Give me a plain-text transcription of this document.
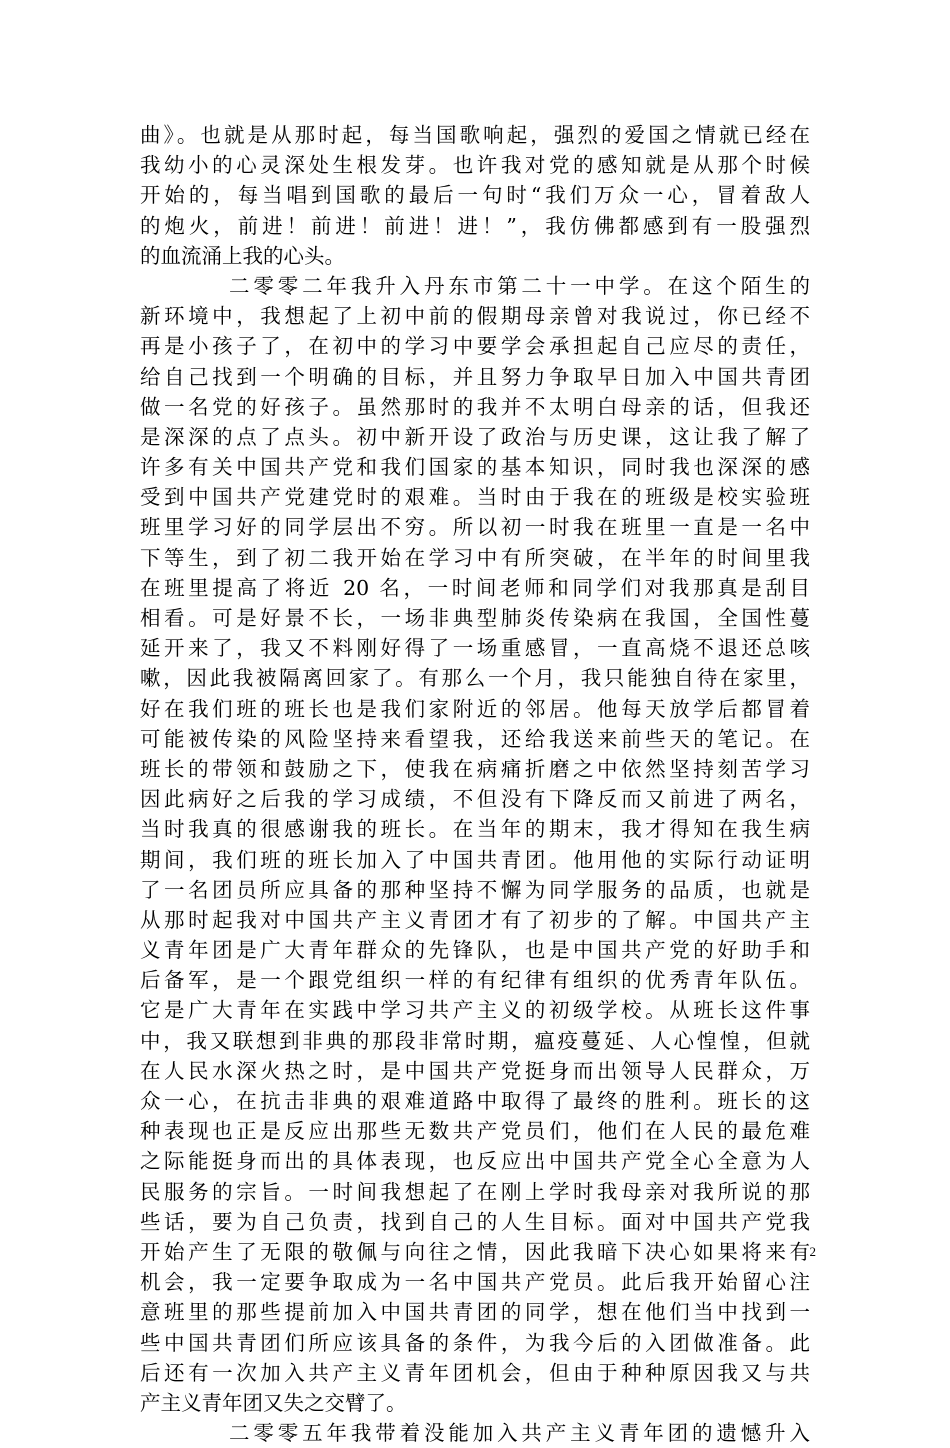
曲》。也就是从那时起，每当国歌响起，强烈的爱国之情就已经在
我幼小的心灵深处生根发芽。也许我对党的感知就是从那个时候
开始的，每当唱到国歌的最后一句时“我们万众一心，冒着敌人
的炮火，前进！前进！前进！进！”，我仿佛都感到有一股强烈
的血流涌上我的心头。
二零零二年我升入丹东市第二十一中学。在这个陌生的
新环境中，我想起了上初中前的假期母亲曾对我说过，你已经不
再是小孩子了，在初中的学习中要学会承担起自己应尽的责任，
给自己找到一个明确的目标，并且努力争取早日加入中国共青团
做一名党的好孩子。虽然那时的我并不太明白母亲的话，但我还
是深深的点了点头。初中新开设了政治与历史课，这让我了解了
许多有关中国共产党和我们国家的基本知识，同时我也深深的感
受到中国共产党建党时的艰难。当时由于我在的班级是校实验班
班里学习好的同学层出不穷。所以初一时我在班里一直是一名中
下等生，到了初二我开始在学习中有所突破，在半年的时间里我
在班里提高了将近 20 名，一时间老师和同学们对我那真是刮目
相看。可是好景不长，一场非典型肺炎传染病在我国，全国性蔓
延开来了，我又不料刚好得了一场重感冒，一直高烧不退还总咳
嗽，因此我被隔离回家了。有那么一个月，我只能独自待在家里，
好在我们班的班长也是我们家附近的邻居。他每天放学后都冒着
可能被传染的风险坚持来看望我，还给我送来前些天的笔记。在
班长的带领和鼓励之下，使我在病痛折磨之中依然坚持刻苦学习
因此病好之后我的学习成绩，不但没有下降反而又前进了两名，
当时我真的很感谢我的班长。在当年的期末，我才得知在我生病
期间，我们班的班长加入了中国共青团。他用他的实际行动证明
了一名团员所应具备的那种坚持不懈为同学服务的品质，也就是
从那时起我对中国共产主义青团才有了初步的了解。中国共产主
义青年团是广大青年群众的先锋队，也是中国共产党的好助手和
后备军，是一个跟党组织一样的有纪律有组织的优秀青年队伍。
它是广大青年在实践中学习共产主义的初级学校。从班长这件事
中，我又联想到非典的那段非常时期，瘟疫蔓延、人心惶惶，但就
在人民水深火热之时，是中国共产党挺身而出领导人民群众，万
众一心，在抗击非典的艰难道路中取得了最终的胜利。班长的这
种表现也正是反应出那些无数共产党员们，他们在人民的最危难
之际能挺身而出的具体表现，也反应出中国共产党全心全意为人
民服务的宗旨。一时间我想起了在刚上学时我母亲对我所说的那
些话，要为自己负责，找到自己的人生目标。面对中国共产党我
开始产生了无限的敬佩与向往之情，因此我暗下决心如果将来有
机会，我一定要争取成为一名中国共产党员。此后我开始留心注
意班里的那些提前加入中国共青团的同学，想在他们当中找到一
些中国共青团们所应该具备的条件，为我今后的入团做准备。此
后还有一次加入共产主义青年团机会，但由于种种原因我又与共
产主义青年团又失之交臂了。
二零零五年我带着没能加入共产主义青年团的遗憾升入
2
